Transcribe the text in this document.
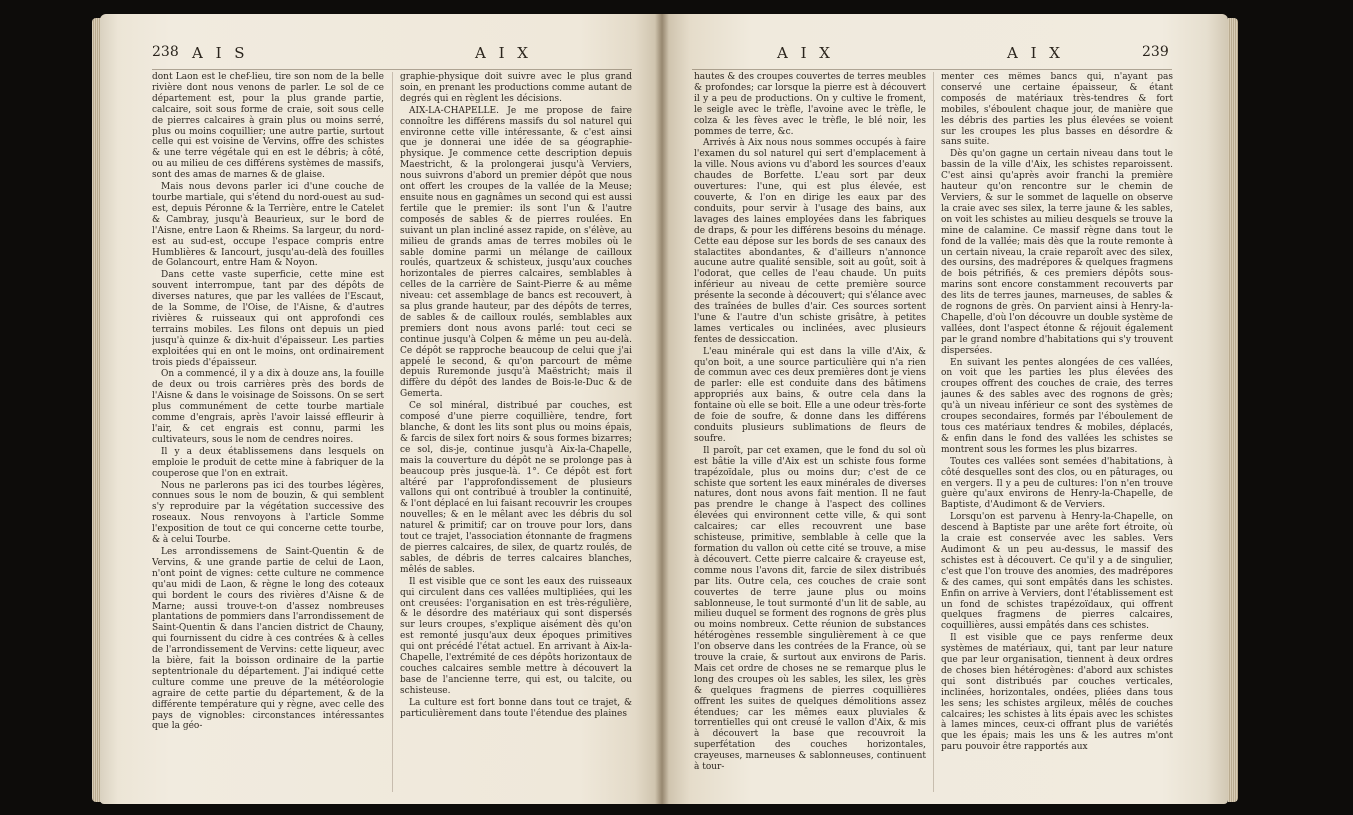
238 A I S	A I X

dont Laon est le chef-lieu, tire son nom de la belle rivière dont nous venons de parler. Le sol de ce département est, pour la plus grande partie, calcaire, soit sous forme de craie, soit sous celle de pierres calcaires à grain plus ou moins serré, plus ou moins coquillier; une autre partie, surtout celle qui est voisine de Vervins, offre des schistes & une terre végétale qui en est le débris; à côté, ou au milieu de ces différens systèmes de massifs, sont des amas de marnes & de glaise.

Mais nous devons parler ici d'une couche de tourbe martiale, qui s'étend du nord-ouest au sud-est, depuis Péronne & la Terrière, entre le Catelet & Cambray, jusqu'à Beaurieux, sur le bord de l'Aisne, entre Laon & Rheims. Sa largeur, du nord-est au sud-est, occupe l'espace compris entre Humblières & Iancourt, jusqu'au-delà des fouilles de Golancourt, entre Ham & Noyon.

Dans cette vaste superficie, cette mine est souvent interrompue, tant par des dépôts de diverses natures, que par les vallées de l'Escaut, de la Somme, de l'Oise, de l'Aisne, & d'autres rivières & ruisseaux qui ont approfondi ces terrains mobiles. Les filons ont depuis un pied jusqu'à quinze & dix-huit d'épaisseur. Les parties exploitées qui en ont le moins, ont ordinairement trois pieds d'épaisseur.

On a commencé, il y a dix à douze ans, la fouille de deux ou trois carrières près des bords de l'Aisne & dans le voisinage de Soissons. On se sert plus communément de cette tourbe martiale comme d'engrais, après l'avoir laissé effleurir à l'air, & cet engrais est connu, parmi les cultivateurs, sous le nom de cendres noires.

Il y a deux établissemens dans lesquels on emploie le produit de cette mine à fabriquer de la couperose que l'on en extrait.

Nous ne parlerons pas ici des tourbes légères, connues sous le nom de bouzin, & qui semblent s'y reproduire par la végétation successive des roseaux. Nous renvoyons à l'article Somme l'exposition de tout ce qui concerne cette tourbe, & à celui Tourbe.

Les arrondissemens de Saint-Quentin & de Vervins, & une grande partie de celui de Laon, n'ont point de vignes: cette culture ne commence qu'au midi de Laon, & règne le long des coteaux qui bordent le cours des rivières d'Aisne & de Marne; aussi trouve-t-on d'assez nombreuses plantations de pommiers dans l'arrondissement de Saint-Quentin & dans l'ancien district de Chauny, qui fournissent du cidre à ces contrées & à celles de l'arrondissement de Vervins: cette liqueur, avec la bière, fait la boisson ordinaire de la partie septentrionale du département. J'ai indiqué cette culture comme une preuve de la météorologie agraire de cette partie du département, & de la différente température qui y règne, avec celle des pays de vignobles: circonstances intéressantes que la géo-

graphie-physique doit suivre avec le plus grand soin, en prenant les productions comme autant de degrés qui en règlent les décisions.

AIX-LA-CHAPELLE. Je me propose de faire connoître les différens massifs du sol naturel qui environne cette ville intéressante, & c'est ainsi que je donnerai une idée de sa géographie-physique. Je commence cette description depuis Maestricht, & la prolongerai jusqu'à Verviers, nous suivrons d'abord un premier dépôt que nous ont offert les croupes de la vallée de la Meuse; ensuite nous en gagnâmes un second qui est aussi fertile que le premier: ils sont l'un & l'autre composés de sables & de pierres roulées. En suivant un plan incliné assez rapide, on s'élève, au milieu de grands amas de terres mobiles où le sable domine parmi un mélange de cailloux roulés, quartzeux & schisteux, jusqu'aux couches horizontales de pierres calcaires, semblables à celles de la carrière de Saint-Pierre & au même niveau: cet assemblage de bancs est recouvert, à sa plus grande hauteur, par des dépôts de terres, de sables & de cailloux roulés, semblables aux premiers dont nous avons parlé: tout ceci se continue jusqu'à Colpen & même un peu au-delà. Ce dépôt se rapproche beaucoup de celui que j'ai appelé le second, & qu'on parcourt de même depuis Ruremonde jusqu'à Maëstricht; mais il diffère du dépôt des landes de Bois-le-Duc & de Gemerta.

Ce sol minéral, distribué par couches, est composé d'une pierre coquillière, tendre, fort blanche, & dont les lits sont plus ou moins épais, & farcis de silex fort noirs & sous formes bizarres; ce sol, dis-je, continue jusqu'à Aix-la-Chapelle, mais la couverture du dépôt ne se prolonge pas à beaucoup près jusque-là. 1°. Ce dépôt est fort altéré par l'approfondissement de plusieurs vallons qui ont contribué à troubler la continuité, & l'ont déplacé en lui faisant recouvrir les croupes nouvelles; & en le mêlant avec les débris du sol naturel & primitif; car on trouve pour lors, dans tout ce trajet, l'association étonnante de fragmens de pierres calcaires, de silex, de quartz roulés, de sables, de débris de terres calcaires blanches, mêlés de sables.

Il est visible que ce sont les eaux des ruisseaux qui circulent dans ces vallées multipliées, qui les ont creusées: l'organisation en est très-régulière, & le désordre des matériaux qui sont dispersés sur leurs croupes, s'explique aisément dès qu'on est remonté jusqu'aux deux époques primitives qui ont précédé l'état actuel. En arrivant à Aix-la-Chapelle, l'extrémité de ces dépôts horizontaux de couches calcaires semble mettre à découvert la base de l'ancienne terre, qui est, ou talcite, ou schisteuse.

La culture est fort bonne dans tout ce trajet, & particulièrement dans toute l'étendue des plaines

A I X	A I X	239

hautes & des croupes couvertes de terres meubles & profondes; car lorsque la pierre est à découvert il y a peu de productions. On y cultive le froment, le seigle avec le trèfle, l'avoine avec le trèfle, le colza & les fèves avec le trèfle, le blé noir, les pommes de terre, &c.

Arrivés à Aix nous nous sommes occupés à faire l'examen du sol naturel qui sert d'emplacement à la ville. Nous avions vu d'abord les sources d'eaux chaudes de Borfette. L'eau sort par deux ouvertures: l'une, qui est plus élevée, est couverte, & l'on en dirige les eaux par des conduits, pour servir à l'usage des bains, aux lavages des laines employées dans les fabriques de draps, & pour les différens besoins du ménage. Cette eau dépose sur les bords de ses canaux des stalactites abondantes, & d'ailleurs n'annonce aucune autre qualité sensible, soit au goût, soit à l'odorat, que celles de l'eau chaude. Un puits inférieur au niveau de cette première source présente la seconde à découvert; qui s'élance avec des traînées de bulles d'air. Ces sources sortent l'une & l'autre d'un schiste grisâtre, à petites lames verticales ou inclinées, avec plusieurs fentes de dessiccation.

L'eau minérale qui est dans la ville d'Aix, & qu'on boit, a une source particulière qui n'a rien de commun avec ces deux premières dont je viens de parler: elle est conduite dans des bâtimens appropriés aux bains, & outre cela dans la fontaine où elle se boit. Elle a une odeur très-forte de foie de soufre, & donne dans les différens conduits plusieurs sublimations de fleurs de soufre.

Il paroît, par cet examen, que le fond du sol où est bâtie la ville d'Aix est un schiste fous forme trapézoïdale, plus ou moins dur; c'est de ce schiste que sortent les eaux minérales de diverses natures, dont nous avons fait mention. Il ne faut pas prendre le change à l'aspect des collines élevées qui environnent cette ville, & qui sont calcaires; car elles recouvrent une base schisteuse, primitive, semblable à celle que la formation du vallon où cette cité se trouve, a mise à découvert. Cette pierre calcaire & crayeuse est, comme nous l'avons dit, farcie de silex distribués par lits. Outre cela, ces couches de craie sont couvertes de terre jaune plus ou moins sablonneuse, le tout surmonté d'un lit de sable, au milieu duquel se forment des rognons de grès plus ou moins nombreux. Cette réunion de substances hétérogènes ressemble singulièrement à ce que l'on observe dans les contrées de la France, où se trouve la craie, & surtout aux environs de Paris. Mais cet ordre de choses ne se remarque plus le long des croupes où les sables, les silex, les grès & quelques fragmens de pierres coquillières offrent les suites de quelques démolitions assez étendues; car les mêmes eaux pluviales & torrentielles qui ont creusé le vallon d'Aix, & mis à découvert la base que recouvroit la superfétation des couches horizontales, crayeuses, marneuses & sablonneuses, continuent à tour-

menter ces mêmes bancs qui, n'ayant pas conservé une certaine épaisseur, & étant composés de matériaux très-tendres & fort mobiles, s'éboulent chaque jour, de manière que les débris des parties les plus élevées se voient sur les croupes les plus basses en désordre & sans suite.

Dès qu'on gagne un certain niveau dans tout le bassin de la ville d'Aix, les schistes reparoissent. C'est ainsi qu'après avoir franchi la première hauteur qu'on rencontre sur le chemin de Verviers, & sur le sommet de laquelle on observe la craie avec ses silex, la terre jaune & les sables, on voit les schistes au milieu desquels se trouve la mine de calamine. Ce massif règne dans tout le fond de la vallée; mais dès que la route remonte à un certain niveau, la craie reparoît avec des silex, des oursins, des madrépores & quelques fragmens de bois pétrifiés, & ces premiers dépôts sous-marins sont encore constamment recouverts par des lits de terres jaunes, marneuses, de sables & de rognons de grès. On parvient ainsi à Henry-la-Chapelle, d'où l'on découvre un double système de vallées, dont l'aspect étonne & réjouit également par le grand nombre d'habitations qui s'y trouvent dispersées.

En suivant les pentes alongées de ces vallées, on voit que les parties les plus élevées des croupes offrent des couches de craie, des terres jaunes & des sables avec des rognons de grès; qu'à un niveau inférieur ce sont des systèmes de croupes secondaires, formés par l'éboulement de tous ces matériaux tendres & mobiles, déplacés, & enfin dans le fond des vallées les schistes se montrent sous les formes les plus bizarres.

Toutes ces vallées sont semées d'habitations, à côté desquelles sont des clos, ou en pâturages, ou en vergers. Il y a peu de cultures: l'on n'en trouve guère qu'aux environs de Henry-la-Chapelle, de Baptiste, d'Audimont & de Verviers.

Lorsqu'on est parvenu à Henry-la-Chapelle, on descend à Baptiste par une arête fort étroite, où la craie est conservée avec les sables. Vers Audimont & un peu au-dessus, le massif des schistes est à découvert. Ce qu'il y a de singulier, c'est que l'on trouve des anomies, des madrépores & des cames, qui sont empâtés dans les schistes. Enfin on arrive à Verviers, dont l'établissement est un fond de schistes trapézoïdaux, qui offrent quelques fragmens de pierres calcaires, coquillières, aussi empâtés dans ces schistes.

Il est visible que ce pays renferme deux systèmes de matériaux, qui, tant par leur nature que par leur organisation, tiennent à deux ordres de choses bien hétérogènes: d'abord aux schistes qui sont distribués par couches verticales, inclinées, horizontales, ondées, pliées dans tous les sens; les schistes argileux, mêlés de couches calcaires; les schistes à lits épais avec les schistes à lames minces, ceux-ci offrant plus de variétés que les épais; mais les uns & les autres m'ont paru pouvoir être rapportés aux
